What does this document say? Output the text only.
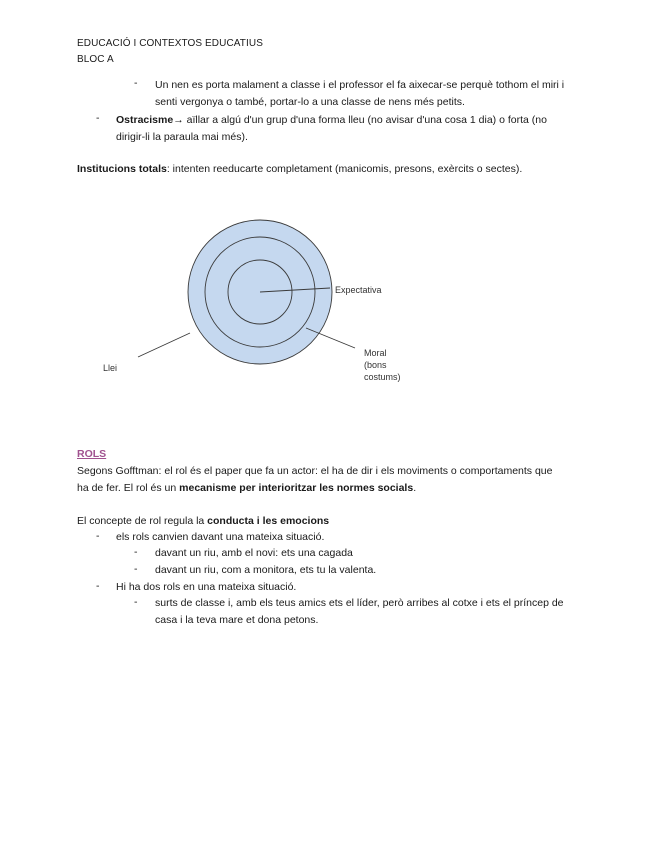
EDUCACIÓ I CONTEXTOS EDUCATIUS
BLOC A
- Un nen es porta malament a classe i el professor el fa aixecar-se perquè tothom el miri i
senti vergonya o també, portar-lo a una classe de nens més petits.
- Ostracisme→ aïllar a algú d'un grup d'una forma lleu (no avisar d'una cosa 1 dia) o forta (no
dirigir-li la paraula mai més).
Institucions totals: intenten reeducarte completament (manicomis, presons, exèrcits o sectes).
Expectativa
Moral
(bons
costums)
Llei
ROLS
Segons Gofftman: el rol és el paper que fa un actor: el ha de dir i els moviments o comportaments que
ha de fer. El rol és un mecanisme per interioritzar les normes socials.
El concepte de rol regula la conducta i les emocions
- els rols canvien davant una mateixa situació.
- davant un riu, amb el novi: ets una cagada
- davant un riu, com a monitora, ets tu la valenta.
- Hi ha dos rols en una mateixa situació.
- surts de classe i, amb els teus amics ets el líder, però arribes al cotxe i ets el príncep de
casa i la teva mare et dona petons.
